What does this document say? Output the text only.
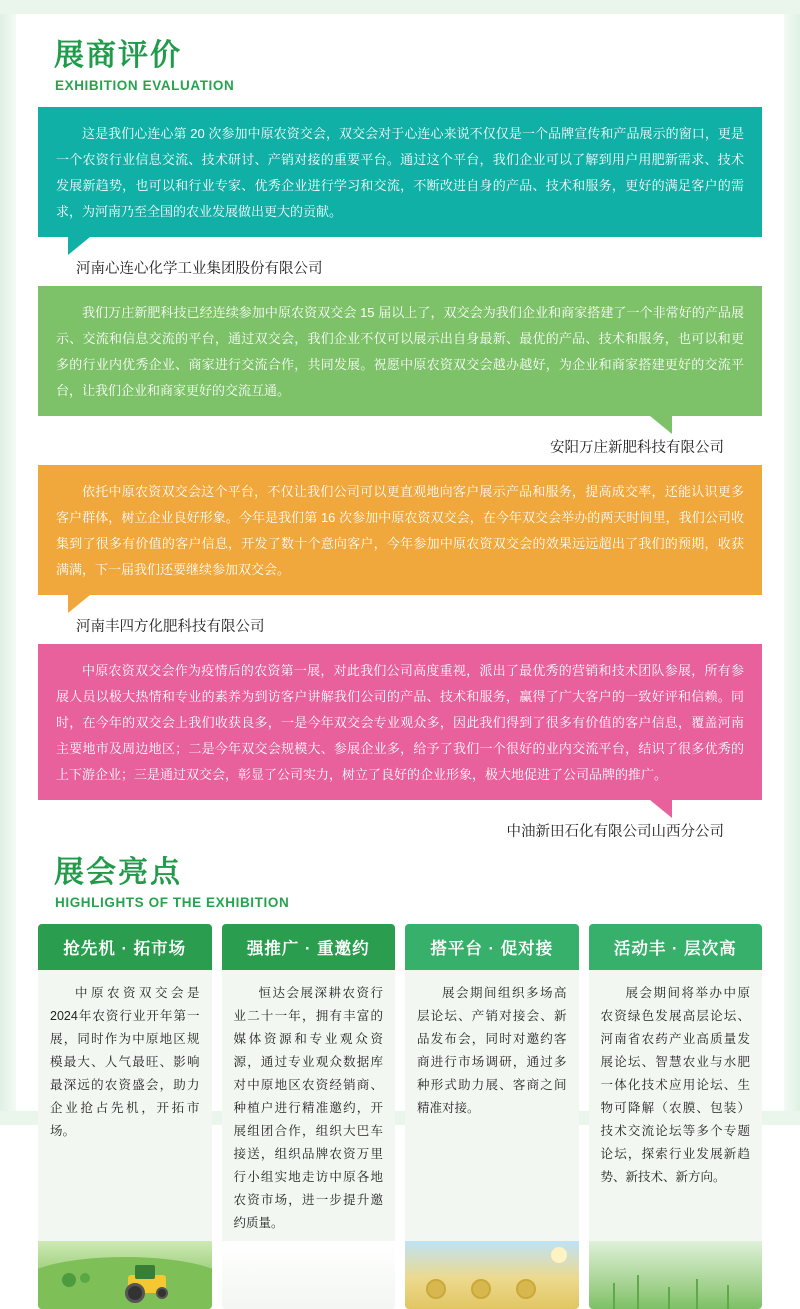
展商评价
EXHIBITION EVALUATION

这是我们心连心第 20 次参加中原农资交会，双交会对于心连心来说不仅仅是一个品牌宣传和产品展示的窗口，更是一个农资行业信息交流、技术研讨、产销对接的重要平台。通过这个平台，我们企业可以了解到用户用肥新需求、技术发展新趋势，也可以和行业专家、优秀企业进行学习和交流，不断改进自身的产品、技术和服务，更好的满足客户的需求，为河南乃至全国的农业发展做出更大的贡献。

河南心连心化学工业集团股份有限公司

我们万庄新肥科技已经连续参加中原农资双交会 15 届以上了，双交会为我们企业和商家搭建了一个非常好的产品展示、交流和信息交流的平台，通过双交会，我们企业不仅可以展示出自身最新、最优的产品、技术和服务，也可以和更多的行业内优秀企业、商家进行交流合作，共同发展。祝愿中原农资双交会越办越好，为企业和商家搭建更好的交流平台，让我们企业和商家更好的交流互通。

安阳万庄新肥科技有限公司

依托中原农资双交会这个平台，不仅让我们公司可以更直观地向客户展示产品和服务，提高成交率，还能认识更多客户群体，树立企业良好形象。今年是我们第 16 次参加中原农资双交会，在今年双交会举办的两天时间里，我们公司收集到了很多有价值的客户信息，开发了数十个意向客户，今年参加中原农资双交会的效果远远超出了我们的预期，收获满满，下一届我们还要继续参加双交会。

河南丰四方化肥科技有限公司

中原农资双交会作为疫情后的农资第一展，对此我们公司高度重视，派出了最优秀的营销和技术团队参展，所有参展人员以极大热情和专业的素养为到访客户讲解我们公司的产品、技术和服务，赢得了广大客户的一致好评和信赖。同时，在今年的双交会上我们收获良多，一是今年双交会专业观众多，因此我们得到了很多有价值的客户信息，覆盖河南主要地市及周边地区；二是今年双交会规模大、参展企业多，给予了我们一个很好的业内交流平台，结识了很多优秀的上下游企业；三是通过双交会，彰显了公司实力，树立了良好的企业形象，极大地促进了公司品牌的推广。

中油新田石化有限公司山西分公司
展会亮点
HIGHLIGHTS OF THE EXHIBITION
抢先机 · 拓市场

中原农资双交会是2024年农资行业开年第一展，同时作为中原地区规模最大、人气最旺、影响最深远的农资盛会，助力企业抢占先机，开拓市场。

强推广 · 重邀约

恒达会展深耕农资行业二十一年，拥有丰富的媒体资源和专业观众资源，通过专业观众数据库对中原地区农资经销商、种植户进行精准邀约，开展组团合作，组织大巴车接送，组织品牌农资万里行小组实地走访中原各地农资市场，进一步提升邀约质量。

搭平台 · 促对接

展会期间组织多场高层论坛、产销对接会、新品发布会，同时对邀约客商进行市场调研，通过多种形式助力展、客商之间精准对接。

活动丰 · 层次高

展会期间将举办中原农资绿色发展高层论坛、河南省农药产业高质量发展论坛、智慧农业与水肥一体化技术应用论坛、生物可降解（农膜、包装）技术交流论坛等多个专题论坛，探索行业发展新趋势、新技术、新方向。
